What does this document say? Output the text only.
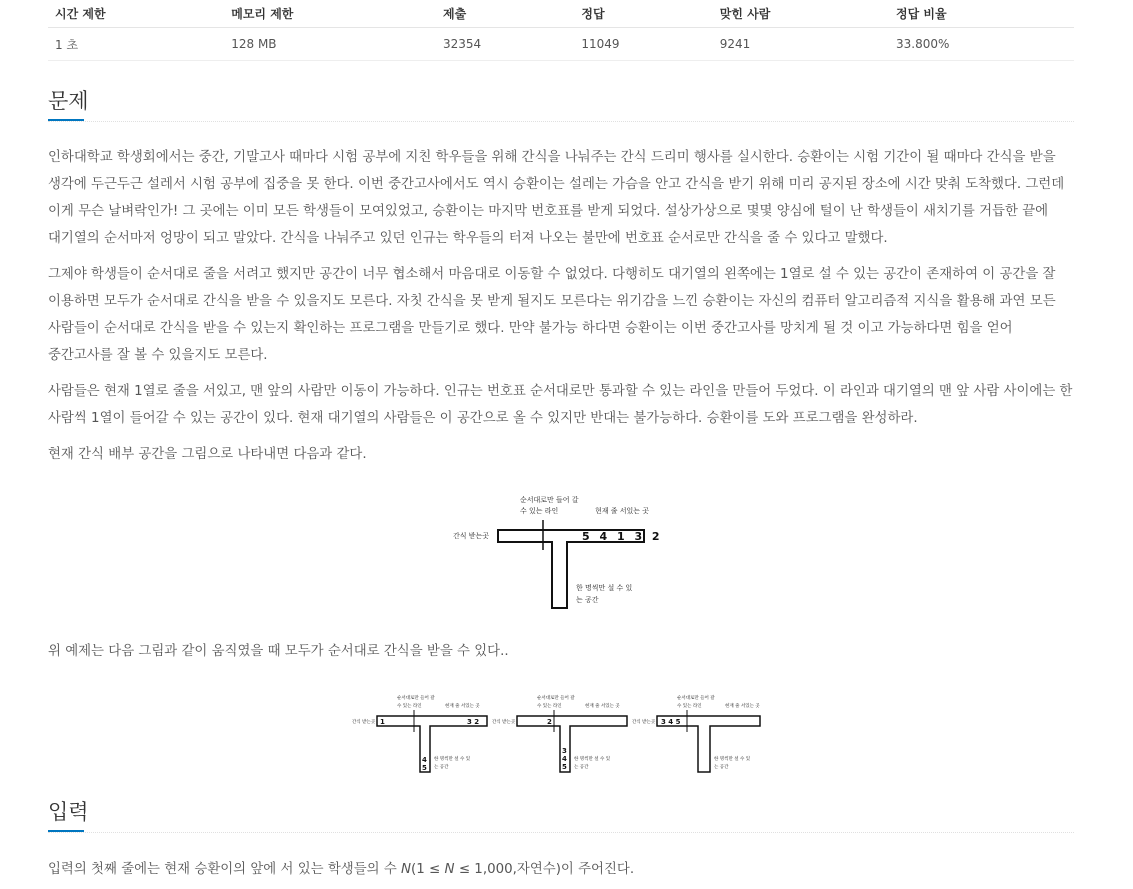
시간 제한	메모리 제한	제출	정답	맞힌 사람	정답 비율
1 초	128 MB	32354	11049	9241	33.800%
문제

인하대학교 학생회에서는 중간, 기말고사 때마다 시험 공부에 지친 학우들을 위해 간식을 나눠주는 간식 드리미 행사를 실시한다. 승환이는 시험 기간이 될 때마다 간식을 받을 생각에 두근두근 설레서 시험 공부에 집중을 못 한다. 이번 중간고사에서도 역시 승환이는 설레는 가슴을 안고 간식을 받기 위해 미리 공지된 장소에 시간 맞춰 도착했다. 그런데 이게 무슨 날벼락인가! 그 곳에는 이미 모든 학생들이 모여있었고, 승환이는 마지막 번호표를 받게 되었다. 설상가상으로 몇몇 양심에 털이 난 학생들이 새치기를 거듭한 끝에 대기열의 순서마저 엉망이 되고 말았다. 간식을 나눠주고 있던 인규는 학우들의 터져 나오는 불만에 번호표 순서로만 간식을 줄 수 있다고 말했다.

그제야 학생들이 순서대로 줄을 서려고 했지만 공간이 너무 협소해서 마음대로 이동할 수 없었다. 다행히도 대기열의 왼쪽에는 1열로 설 수 있는 공간이 존재하여 이 공간을 잘 이용하면 모두가 순서대로 간식을 받을 수 있을지도 모른다. 자칫 간식을 못 받게 될지도 모른다는 위기감을 느낀 승환이는 자신의 컴퓨터 알고리즘적 지식을 활용해 과연 모든 사람들이 순서대로 간식을 받을 수 있는지 확인하는 프로그램을 만들기로 했다. 만약 불가능 하다면 승환이는 이번 중간고사를 망치게 될 것 이고 가능하다면 힘을 얻어 중간고사를 잘 볼 수 있을지도 모른다.

사람들은 현재 1열로 줄을 서있고, 맨 앞의 사람만 이동이 가능하다. 인규는 번호표 순서대로만 통과할 수 있는 라인을 만들어 두었다. 이 라인과 대기열의 맨 앞 사람 사이에는 한 사람씩 1열이 들어갈 수 있는 공간이 있다. 현재 대기열의 사람들은 이 공간으로 올 수 있지만 반대는 불가능하다. 승환이를 도와 프로그램을 완성하라.

현재 간식 배부 공간을 그림으로 나타내면 다음과 같다.

순서대로만 들어 갈
수 있는 라인	현재 줄 서있는 곳
간식 받는곳	5 4 1 3 2
한 명씩만 설 수 있
는 공간

위 예제는 다음 그림과 같이 움직였을 때 모두가 순서대로 간식을 받을 수 있다..

순서대로만 들어 갈
수 있는 라인	현재 줄 서있는 곳
간식 받는곳 1	3 2
4
5
한 명씩만 설 수 있
는 공간
순서대로만 들어 갈
수 있는 라인	현재 줄 서있는 곳
간식 받는곳	2
3
4
5
한 명씩만 설 수 있
는 공간
순서대로만 들어 갈
수 있는 라인	현재 줄 서있는 곳
간식 받는곳 3 4 5
한 명씩만 설 수 있
는 공간
입력

입력의 첫째 줄에는 현재 승환이의 앞에 서 있는 학생들의 수 N(1 ≤ N ≤ 1,000,자연수)이 주어진다.
